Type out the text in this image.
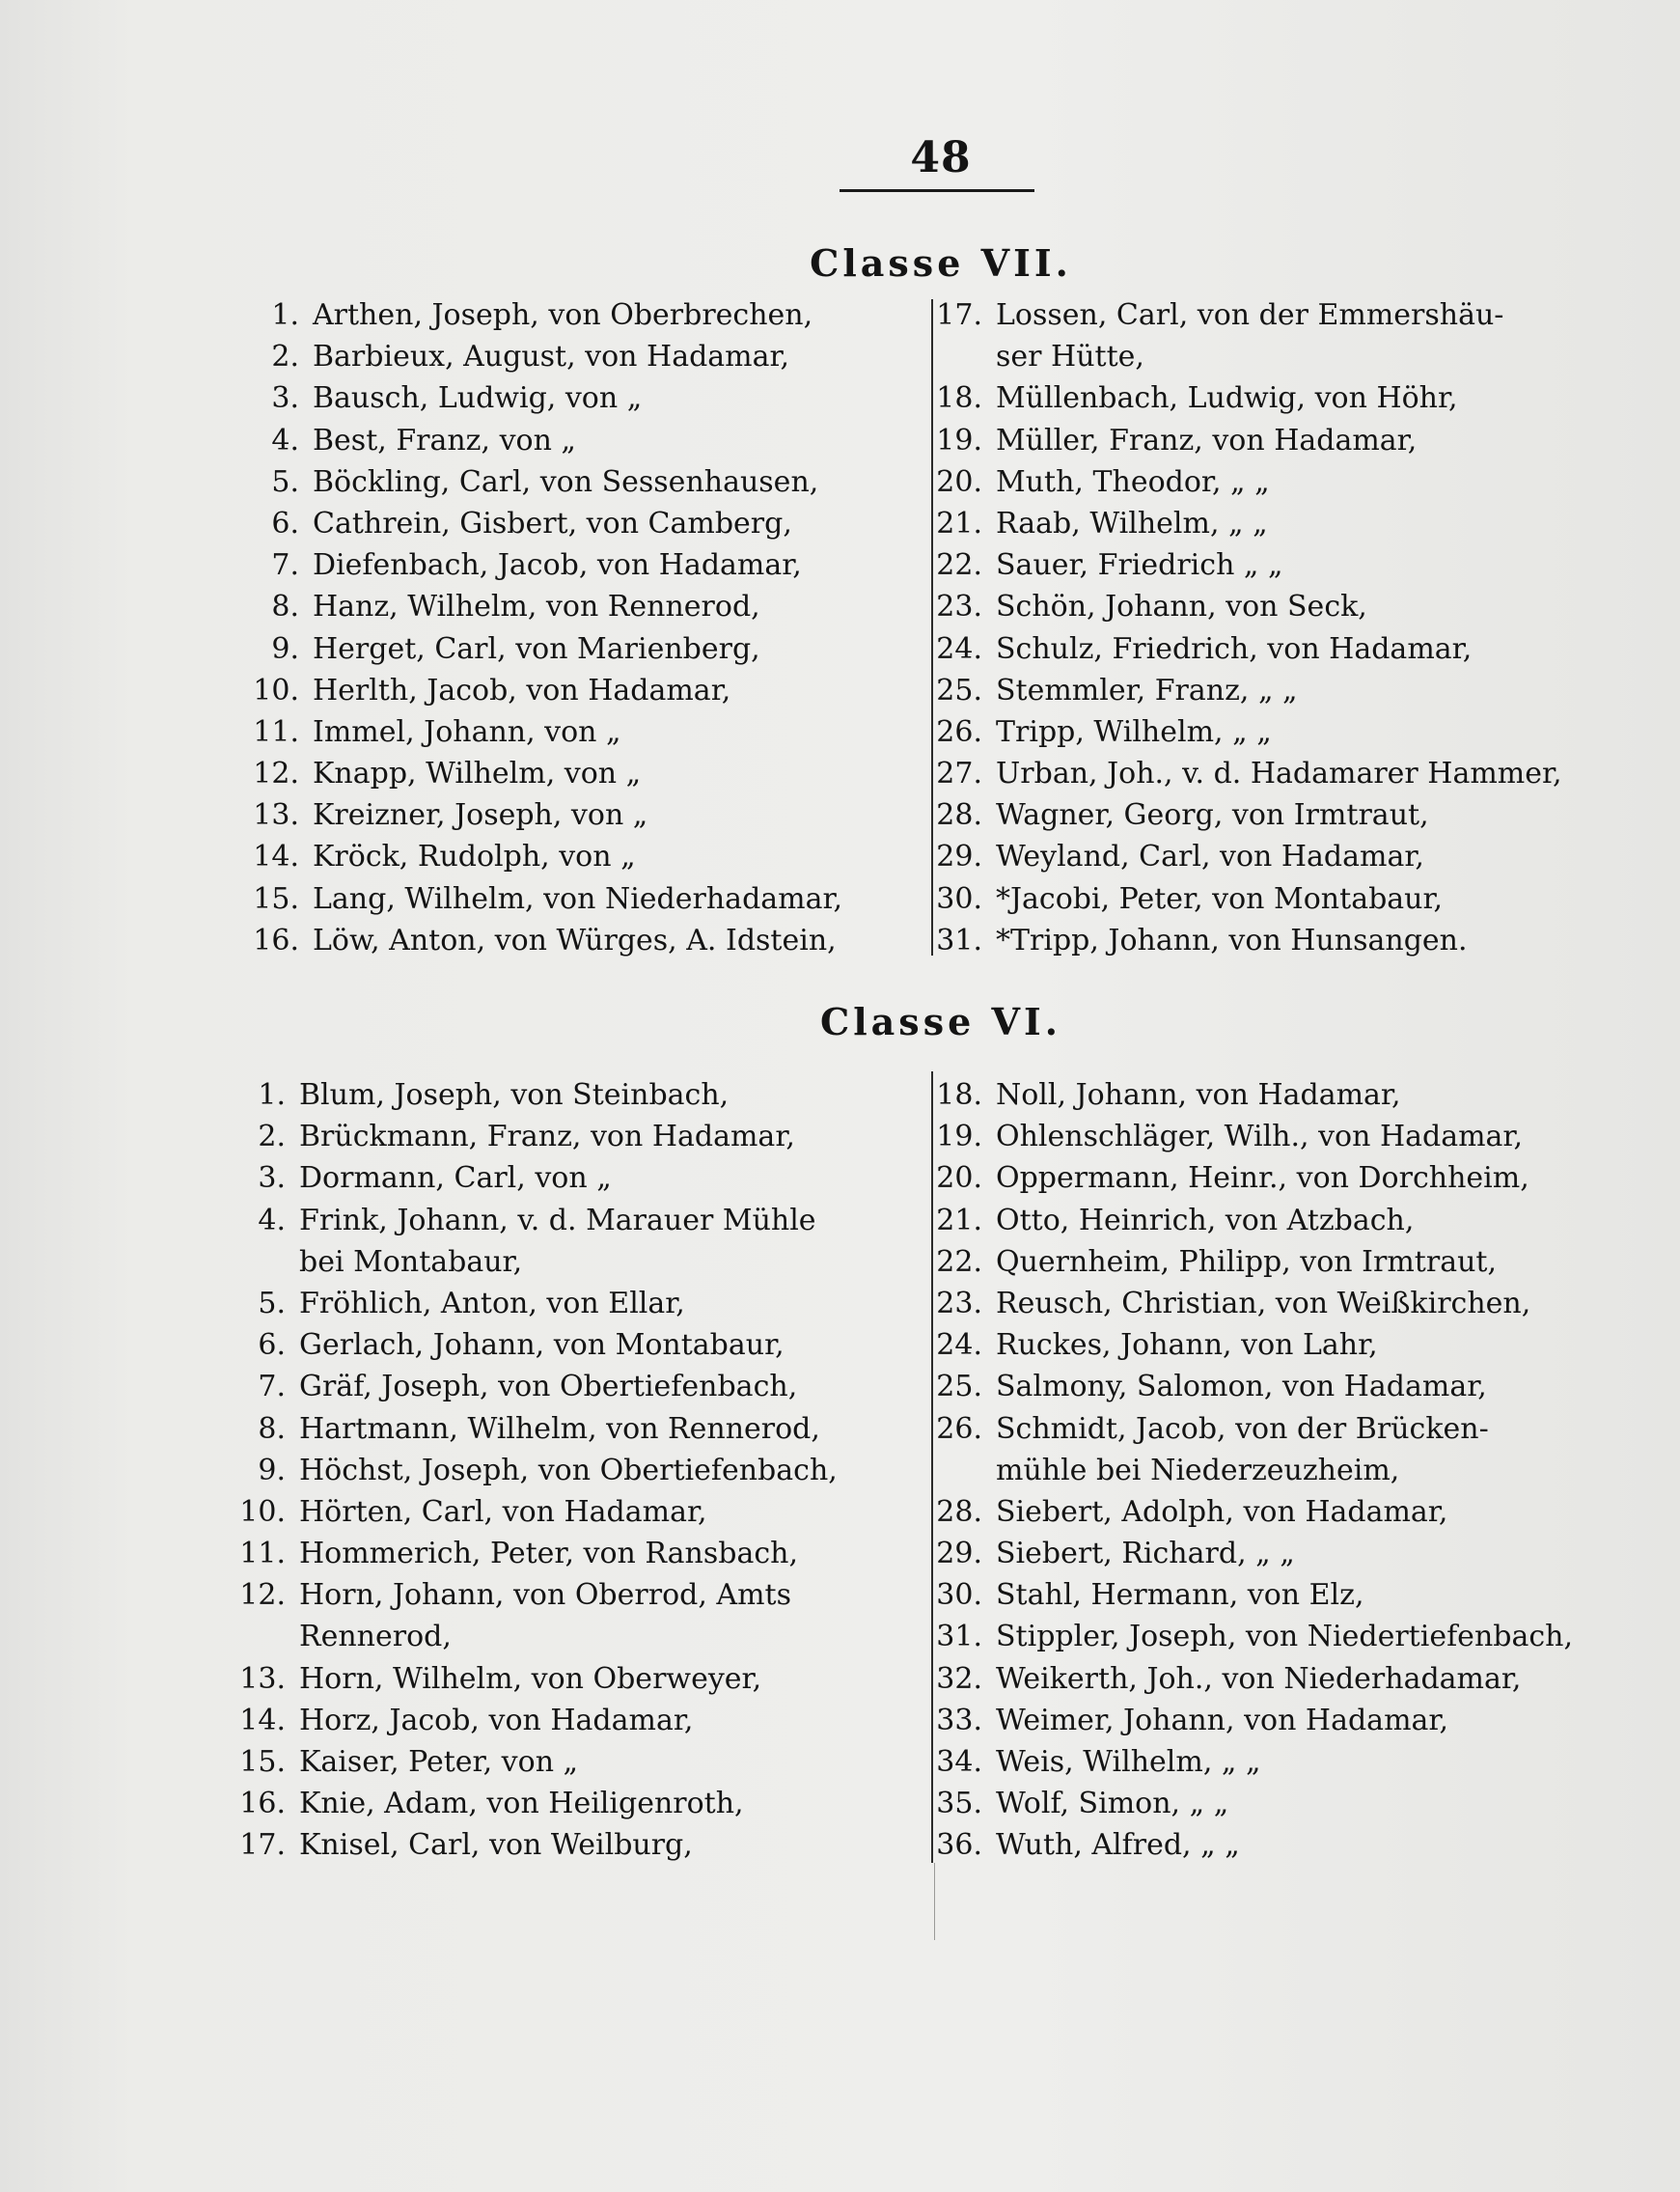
48
Classe VII.
1. Arthen, Joseph, von Oberbrechen,
2. Barbieux, August, von Hadamar,
3. Bausch, Ludwig, von „
4. Best, Franz, von „
5. Böckling, Carl, von Sessenhausen,
6. Cathrein, Gisbert, von Camberg,
7. Diefenbach, Jacob, von Hadamar,
8. Hanz, Wilhelm, von Rennerod,
9. Herget, Carl, von Marienberg,
10. Herlth, Jacob, von Hadamar,
11. Immel, Johann, von „
12. Knapp, Wilhelm, von „
13. Kreizner, Joseph, von „
14. Kröck, Rudolph, von „
15. Lang, Wilhelm, von Niederhadamar,
16. Löw, Anton, von Würges, A. Idstein,
17. Lossen, Carl, von der Emmershäu-
ser Hütte,
18. Müllenbach, Ludwig, von Höhr,
19. Müller, Franz, von Hadamar,
20. Muth, Theodor, „ „
21. Raab, Wilhelm, „ „
22. Sauer, Friedrich „ „
23. Schön, Johann, von Seck,
24. Schulz, Friedrich, von Hadamar,
25. Stemmler, Franz, „ „
26. Tripp, Wilhelm, „ „
27. Urban, Joh., v. d. Hadamarer Hammer,
28. Wagner, Georg, von Irmtraut,
29. Weyland, Carl, von Hadamar,
30. *Jacobi, Peter, von Montabaur,
31. *Tripp, Johann, von Hunsangen.
Classe VI.
1. Blum, Joseph, von Steinbach,
2. Brückmann, Franz, von Hadamar,
3. Dormann, Carl, von „
4. Frink, Johann, v. d. Marauer Mühle
bei Montabaur,
5. Fröhlich, Anton, von Ellar,
6. Gerlach, Johann, von Montabaur,
7. Gräf, Joseph, von Obertiefenbach,
8. Hartmann, Wilhelm, von Rennerod,
9. Höchst, Joseph, von Obertiefenbach,
10. Hörten, Carl, von Hadamar,
11. Hommerich, Peter, von Ransbach,
12. Horn, Johann, von Oberrod, Amts
Rennerod,
13. Horn, Wilhelm, von Oberweyer,
14. Horz, Jacob, von Hadamar,
15. Kaiser, Peter, von „
16. Knie, Adam, von Heiligenroth,
17. Knisel, Carl, von Weilburg,
18. Noll, Johann, von Hadamar,
19. Ohlenschläger, Wilh., von Hadamar,
20. Oppermann, Heinr., von Dorchheim,
21. Otto, Heinrich, von Atzbach,
22. Quernheim, Philipp, von Irmtraut,
23. Reusch, Christian, von Weißkirchen,
24. Ruckes, Johann, von Lahr,
25. Salmony, Salomon, von Hadamar,
26. Schmidt, Jacob, von der Brücken-
mühle bei Niederzeuzheim,
28. Siebert, Adolph, von Hadamar,
29. Siebert, Richard, „ „
30. Stahl, Hermann, von Elz,
31. Stippler, Joseph, von Niedertiefenbach,
32. Weikerth, Joh., von Niederhadamar,
33. Weimer, Johann, von Hadamar,
34. Weis, Wilhelm, „ „
35. Wolf, Simon, „ „
36. Wuth, Alfred, „ „
